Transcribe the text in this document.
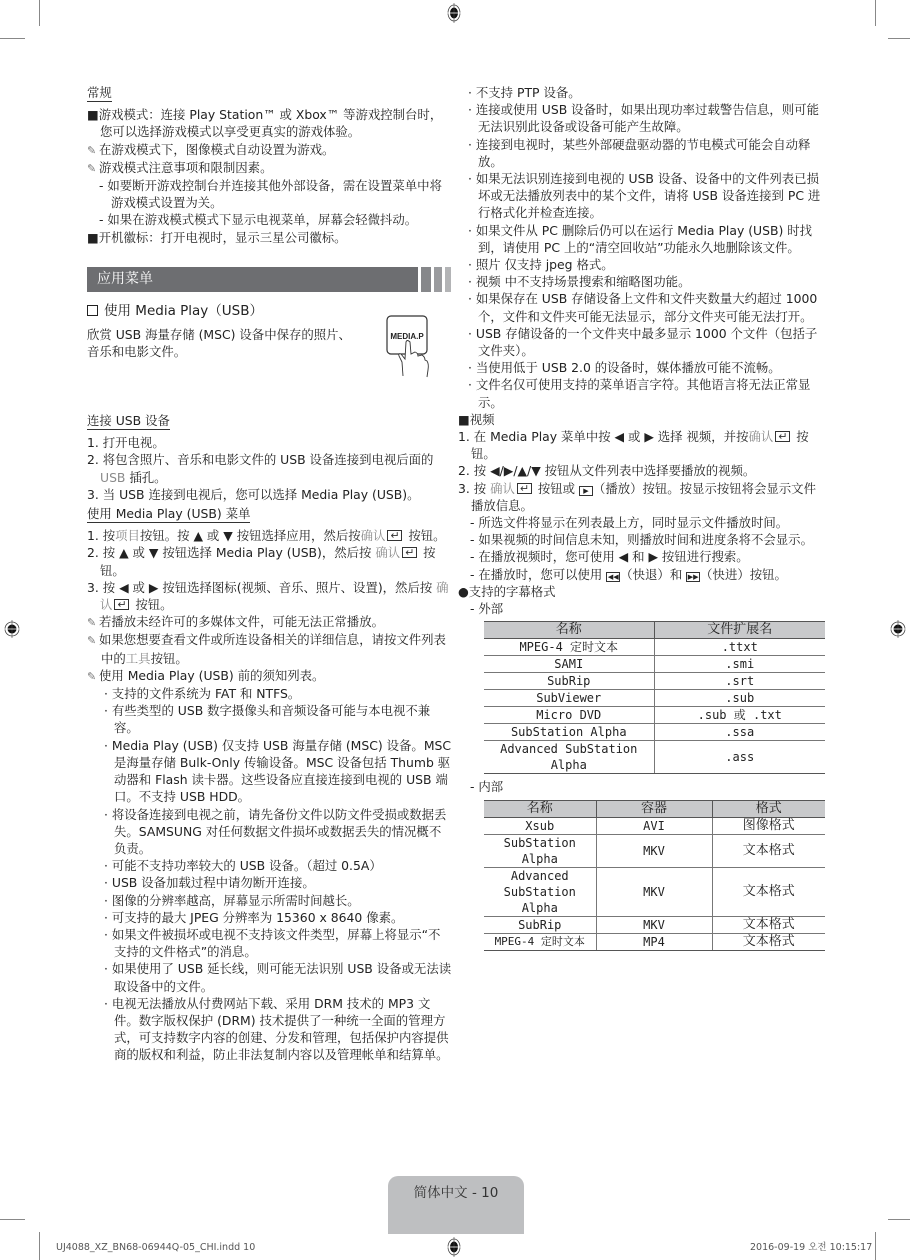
常规

■游戏模式：连接 Play Station™ 或 Xbox™ 等游戏控制台时，您可以选择游戏模式以享受更真实的游戏体验。

✎ 在游戏模式下，图像模式自动设置为游戏。

✎ 游戏模式注意事项和限制因素。

- 如要断开游戏控制台并连接其他外部设备，需在设置菜单中将游戏模式设置为关。

- 如果在游戏模式模式下显示电视菜单，屏幕会轻微抖动。

■开机徽标：打开电视时，显示三星公司徽标。

应用菜单
使用 Media Play（USB）

欣赏 USB 海量存储 (MSC) 设备中保存的照片、音乐和电影文件。

MEDIA.P
连接 USB 设备

1. 打开电视。

2. 将包含照片、音乐和电影文件的 USB 设备连接到电视后面的 USB 插孔。

3. 当 USB 连接到电视后，您可以选择 Media Play (USB)。

使用 Media Play (USB) 菜单

1. 按项目按钮。按 ▲ 或 ▼ 按钮选择应用，然后按确认↵ 按钮。

2. 按 ▲ 或 ▼ 按钮选择 Media Play (USB)，然后按 确认↵ 按钮。

3. 按 ◀ 或 ▶ 按钮选择图标(视频、音乐、照片、设置)，然后按 确认↵ 按钮。

✎ 若播放未经许可的多媒体文件，可能无法正常播放。

✎ 如果您想要查看文件或所连设备相关的详细信息，请按文件列表中的工具按钮。

✎ 使用 Media Play (USB) 前的须知列表。

· 支持的文件系统为 FAT 和 NTFS。

· 有些类型的 USB 数字摄像头和音频设备可能与本电视不兼容。

· Media Play (USB) 仅支持 USB 海量存储 (MSC) 设备。MSC 是海量存储 Bulk-Only 传输设备。MSC 设备包括 Thumb 驱动器和 Flash 读卡器。这些设备应直接连接到电视的 USB 端口。不支持 USB HDD。

· 将设备连接到电视之前，请先备份文件以防文件受损或数据丢失。SAMSUNG 对任何数据文件损坏或数据丢失的情况概不负责。

· 可能不支持功率较大的 USB 设备。（超过 0.5A）

· USB 设备加载过程中请勿断开连接。

· 图像的分辨率越高，屏幕显示所需时间越长。

· 可支持的最大 JPEG 分辨率为 15360 x 8640 像素。

· 如果文件被损坏或电视不支持该文件类型，屏幕上将显示“不支持的文件格式”的消息。

· 如果使用了 USB 延长线，则可能无法识别 USB 设备或无法读取设备中的文件。

· 电视无法播放从付费网站下载、采用 DRM 技术的 MP3 文件。数字版权保护 (DRM) 技术提供了一种统一全面的管理方式，可支持数字内容的创建、分发和管理，包括保护内容提供商的版权和利益，防止非法复制内容以及管理帐单和结算单。

· 不支持 PTP 设备。

· 连接或使用 USB 设备时，如果出现功率过载警告信息，则可能无法识别此设备或设备可能产生故障。

· 连接到电视时，某些外部硬盘驱动器的节电模式可能会自动释放。

· 如果无法识别连接到电视的 USB 设备、设备中的文件列表已损坏或无法播放列表中的某个文件，请将 USB 设备连接到 PC 进行格式化并检查连接。

· 如果文件从 PC 删除后仍可以在运行 Media Play (USB) 时找到，请使用 PC 上的“清空回收站”功能永久地删除该文件。

· 照片 仅支持 jpeg 格式。

· 视频 中不支持场景搜索和缩略图功能。

· 如果保存在 USB 存储设备上文件和文件夹数量大约超过 1000 个，文件和文件夹可能无法显示，部分文件夹可能无法打开。

· USB 存储设备的一个文件夹中最多显示 1000 个文件（包括子文件夹）。

· 当使用低于 USB 2.0 的设备时，媒体播放可能不流畅。

· 文件名仅可使用支持的菜单语言字符。其他语言将无法正常显示。

■视频

1. 在 Media Play 菜单中按 ◀ 或 ▶ 选择 视频，并按确认↵ 按钮。

2. 按 ◀/▶/▲/▼ 按钮从文件列表中选择要播放的视频。

3. 按 确认↵ 按钮或 ▶ （播放）按钮。按显示按钮将会显示文件播放信息。

- 所选文件将显示在列表最上方，同时显示文件播放时间。

- 如果视频的时间信息未知，则播放时间和进度条将不会显示。

- 在播放视频时，您可使用 ◀ 和 ▶ 按钮进行搜索。

- 在播放时，您可以使用 ◀◀ （快退）和 ▶▶ （快进）按钮。

●支持的字幕格式

- 外部

名称	文件扩展名
MPEG-4 定时文本	.ttxt
SAMI	.smi
SubRip	.srt
SubViewer	.sub
Micro DVD	.sub 或 .txt
SubStation Alpha	.ssa
Advanced SubStation Alpha	.ass

- 内部

名称	容器	格式
Xsub	AVI	图像格式
SubStation Alpha	MKV	文本格式
Advanced SubStation Alpha	MKV	文本格式
SubRip	MKV	文本格式
MPEG-4 定时文本	MP4	文本格式
简体中文 - 10
UJ4088_XZ_BN68-06944Q-05_CHI.indd 10	2016-09-19 오전 10:15:17
